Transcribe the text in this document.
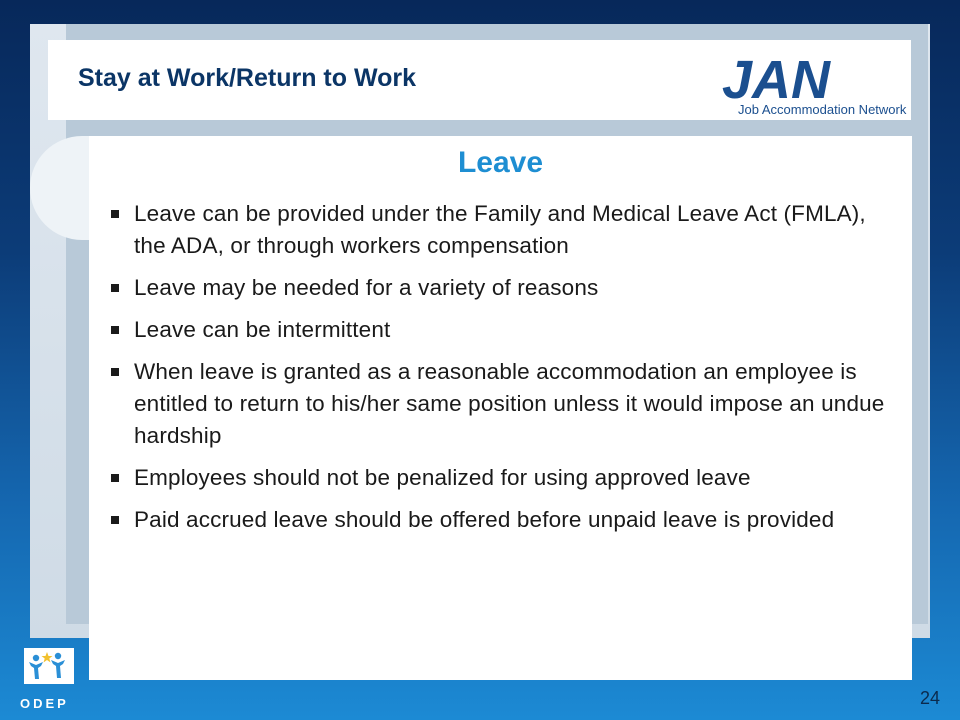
Stay at Work/Return to Work	JAN
Job Accommodation Network
Leave
Leave can be provided under the Family and Medical Leave Act (FMLA), the ADA, or through workers compensation
Leave may be needed for a variety of reasons
Leave can be intermittent
When leave is granted as a reasonable accommodation an employee is entitled to return to his/her same position unless it would impose an undue hardship
Employees should not be penalized for using approved leave
Paid accrued leave should be offered before unpaid leave is provided
ODEP	24
